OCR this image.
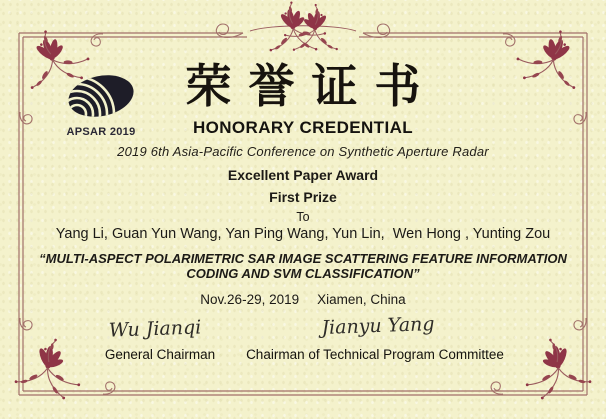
APSAR 2019
荣誉证书
HONORARY CREDENTIAL
2019 6th Asia-Pacific Conference on Synthetic Aperture Radar
Excellent Paper Award
First Prize
To
Yang Li, Guan Yun Wang, Yan Ping Wang, Yun Lin,  Wen Hong , Yunting Zou
“MULTI-ASPECT POLARIMETRIC SAR IMAGE SCATTERING FEATURE INFORMATION CODING AND SVM CLASSIFICATION”
Nov.26-29, 2019 Xiamen, China
Wu Jianqi	Jianyu Yang
General Chairman	Chairman of Technical Program Committee
